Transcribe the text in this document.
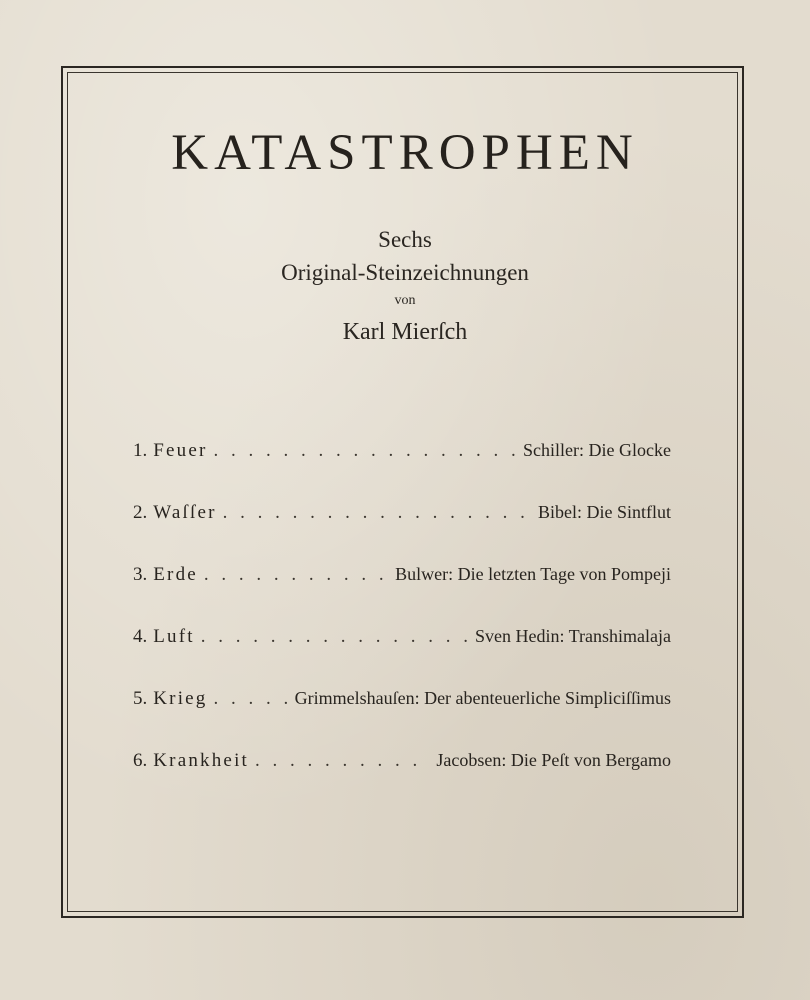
KATASTROPHEN

Sechs

Original-Steinzeichnungen

von

Karl Mierſch

1. Feuer . . .	Schiller: Die Glocke
2. Waſſer . . .	Bibel: Die Sintflut
3. Erde . . .	Bulwer: Die letzten Tage von Pompeji
4. Luft . . .	Sven Hedin: Transhimalaja
5. Krieg . . .	Grimmelshauſen: Der abenteuerliche Simpliciſſimus
6. Krankheit . . .	Jacobsen: Die Peſt von Bergamo
